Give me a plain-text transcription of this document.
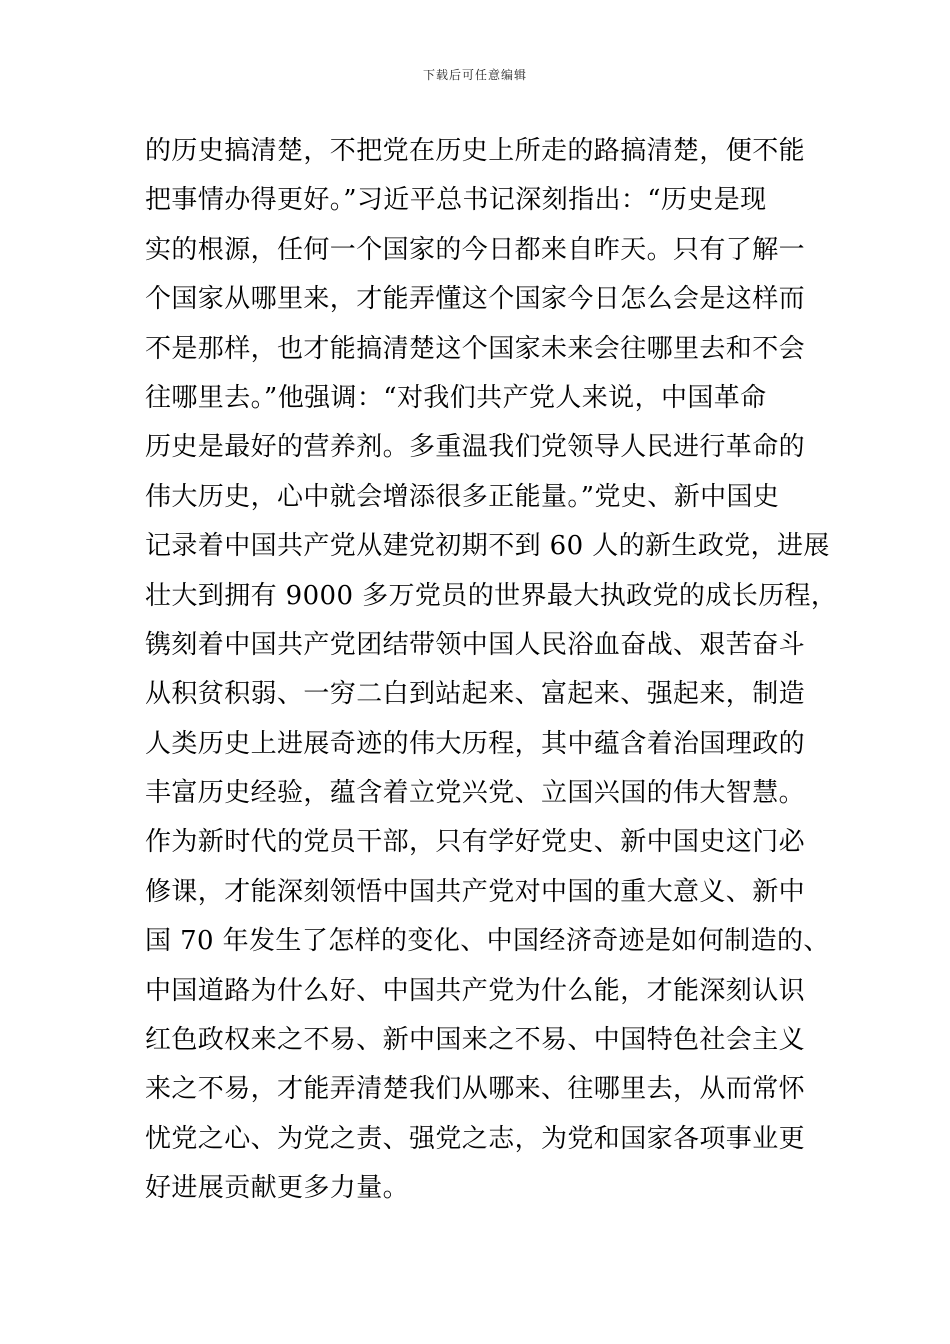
下载后可任意编辑
的历史搞清楚，不把党在历史上所走的路搞清楚，便不能
把事情办得更好。”习近平总书记深刻指出：“历史是现
实的根源，任何一个国家的今日都来自昨天。只有了解一
个国家从哪里来，才能弄懂这个国家今日怎么会是这样而
不是那样，也才能搞清楚这个国家未来会往哪里去和不会
往哪里去。”他强调：“对我们共产党人来说，中国革命
历史是最好的营养剂。多重温我们党领导人民进行革命的
伟大历史，心中就会增添很多正能量。”党史、新中国史
记录着中国共产党从建党初期不到 60 人的新生政党，进展
壮大到拥有 9000 多万党员的世界最大执政党的成长历程，
镌刻着中国共产党团结带领中国人民浴血奋战、艰苦奋斗
从积贫积弱、一穷二白到站起来、富起来、强起来，制造
人类历史上进展奇迹的伟大历程，其中蕴含着治国理政的
丰富历史经验，蕴含着立党兴党、立国兴国的伟大智慧。
作为新时代的党员干部，只有学好党史、新中国史这门必
修课，才能深刻领悟中国共产党对中国的重大意义、新中
国 70 年发生了怎样的变化、中国经济奇迹是如何制造的、
中国道路为什么好、中国共产党为什么能，才能深刻认识
红色政权来之不易、新中国来之不易、中国特色社会主义
来之不易，才能弄清楚我们从哪来、往哪里去，从而常怀
忧党之心、为党之责、强党之志，为党和国家各项事业更
好进展贡献更多力量。
